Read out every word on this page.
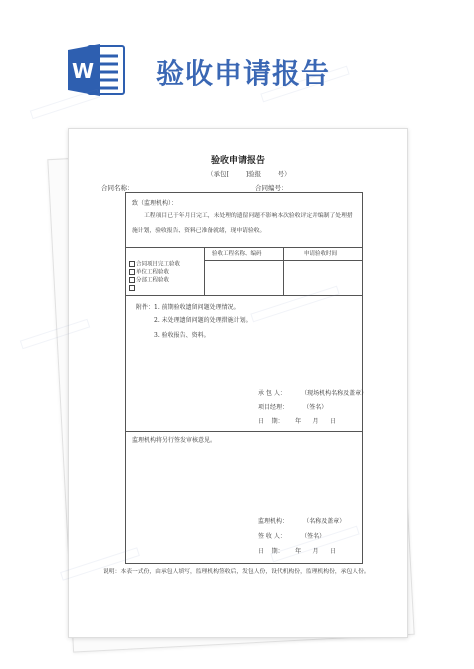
W 验收申请报告
验收申请报告
（承包[        ]验报        号）
合同名称：	合同编号：
致（监理机构）：
工程项目已于年月日完工，未处理的遗留问题不影响本次验收评定并编制了处理措
施计划，验收报告、资料已准备就绪，现申请验收。
验收工程名称、编码	申请验收时间
合同项目完工验收
单位工程验收
分部工程验收
附件： 1. 前期验收遗留问题处理情况。
2. 未处理遗留问题的处理措施计划。
3. 验收报告、资料。
承 包 人：        （现场机构名称及盖章）
项目经理：        （签名）
日    期：      年      月      日
监理机构将另行签发审核意见。
监理机构：        （名称及盖章）
签 收 人：        （签名）
日    期：      年      月      日
说明：本表一式份，由承包人填写，监理机构签收后，发包人份，设代机构份，监理机构份，承包人份。
